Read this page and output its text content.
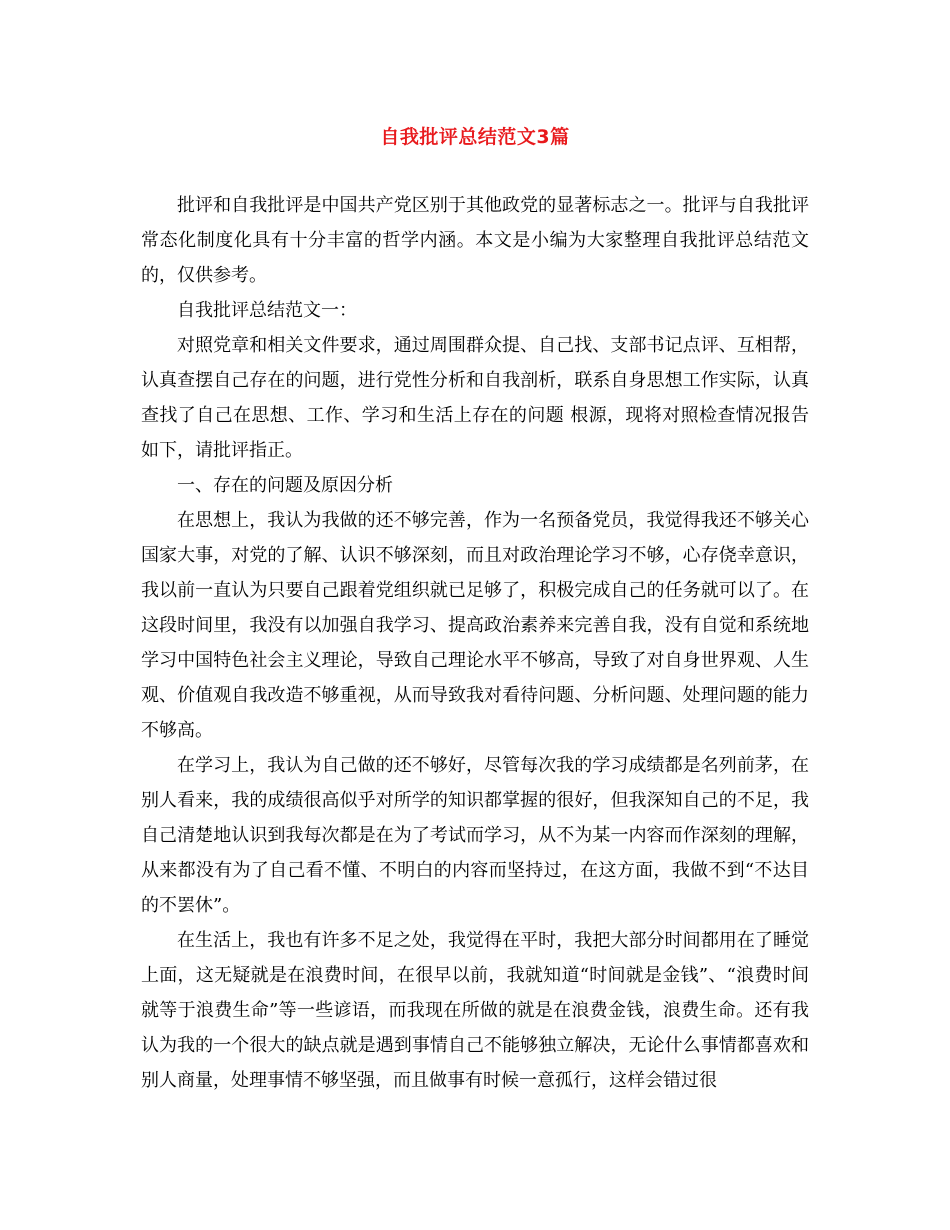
自我批评总结范文3篇

批评和自我批评是中国共产党区别于其他政党的显著标志之一。批评与自我批评常态化制度化具有十分丰富的哲学内涵。本文是小编为大家整理自我批评总结范文的，仅供参考。

自我批评总结范文一：

对照党章和相关文件要求，通过周围群众提、自己找、支部书记点评、互相帮，认真查摆自己存在的问题，进行党性分析和自我剖析，联系自身思想工作实际，认真查找了自己在思想、工作、学习和生活上存在的问题 根源，现将对照检查情况报告如下，请批评指正。

一、存在的问题及原因分析

在思想上，我认为我做的还不够完善，作为一名预备党员，我觉得我还不够关心国家大事，对党的了解、认识不够深刻，而且对政治理论学习不够，心存侥幸意识，我以前一直认为只要自己跟着党组织就已足够了，积极完成自己的任务就可以了。在这段时间里，我没有以加强自我学习、提高政治素养来完善自我，没有自觉和系统地学习中国特色社会主义理论，导致自己理论水平不够高，导致了对自身世界观、人生观、价值观自我改造不够重视，从而导致我对看待问题、分析问题、处理问题的能力不够高。

在学习上，我认为自己做的还不够好，尽管每次我的学习成绩都是名列前茅，在别人看来，我的成绩很高似乎对所学的知识都掌握的很好，但我深知自己的不足，我自己清楚地认识到我每次都是在为了考试而学习，从不为某一内容而作深刻的理解，从来都没有为了自己看不懂、不明白的内容而坚持过，在这方面，我做不到“不达目的不罢休”。

在生活上，我也有许多不足之处，我觉得在平时，我把大部分时间都用在了睡觉上面，这无疑就是在浪费时间，在很早以前，我就知道“时间就是金钱”、“浪费时间就等于浪费生命”等一些谚语，而我现在所做的就是在浪费金钱，浪费生命。还有我认为我的一个很大的缺点就是遇到事情自己不能够独立解决，无论什么事情都喜欢和别人商量，处理事情不够坚强，而且做事有时候一意孤行，这样会错过很
